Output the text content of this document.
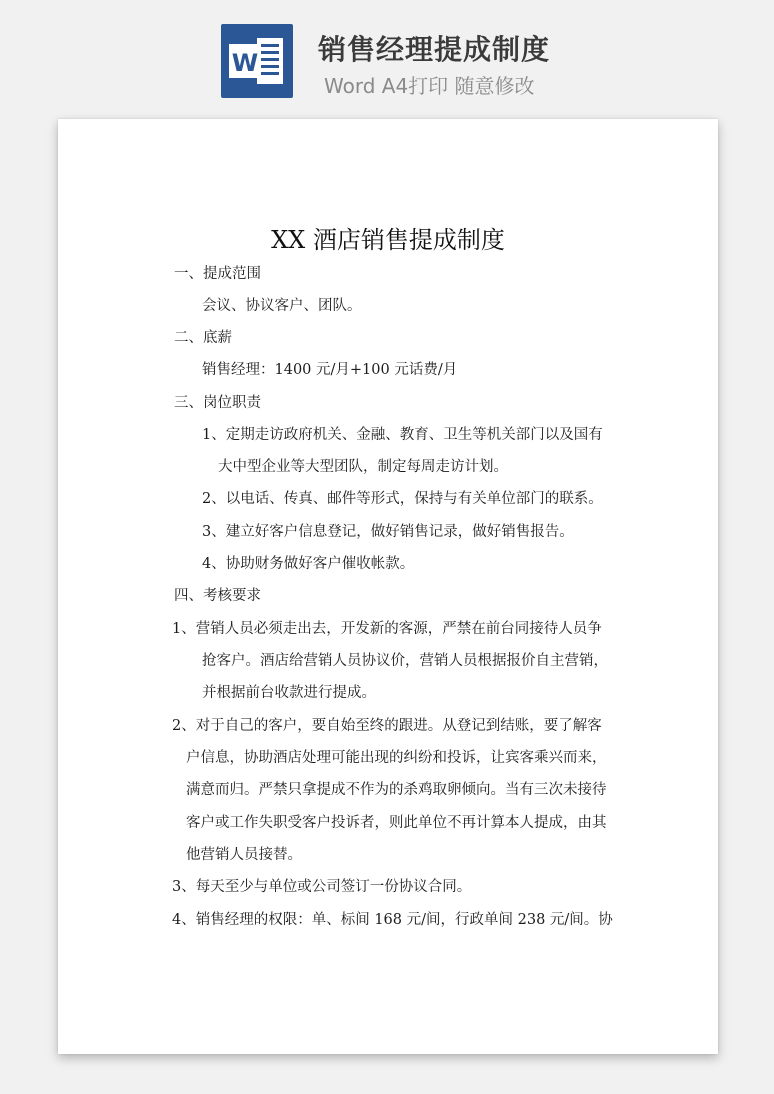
W 销售经理提成制度
Word A4打印 随意修改
XX 酒店销售提成制度
一、提成范围
会议、协议客户、团队。
二、底薪
销售经理：1400 元/月+100 元话费/月
三、岗位职责
1、定期走访政府机关、金融、教育、卫生等机关部门以及国有
大中型企业等大型团队，制定每周走访计划。
2、以电话、传真、邮件等形式，保持与有关单位部门的联系。
3、建立好客户信息登记，做好销售记录，做好销售报告。
4、协助财务做好客户催收帐款。
四、考核要求
1、营销人员必须走出去，开发新的客源，严禁在前台同接待人员争
抢客户。酒店给营销人员协议价，营销人员根据报价自主营销，
并根据前台收款进行提成。
2、对于自己的客户，要自始至终的跟进。从登记到结账，要了解客
户信息，协助酒店处理可能出现的纠纷和投诉，让宾客乘兴而来，
满意而归。严禁只拿提成不作为的杀鸡取卵倾向。当有三次未接待
客户或工作失职受客户投诉者，则此单位不再计算本人提成，由其
他营销人员接替。
3、每天至少与单位或公司签订一份协议合同。
4、销售经理的权限：单、标间 168 元/间，行政单间 238 元/间。协
